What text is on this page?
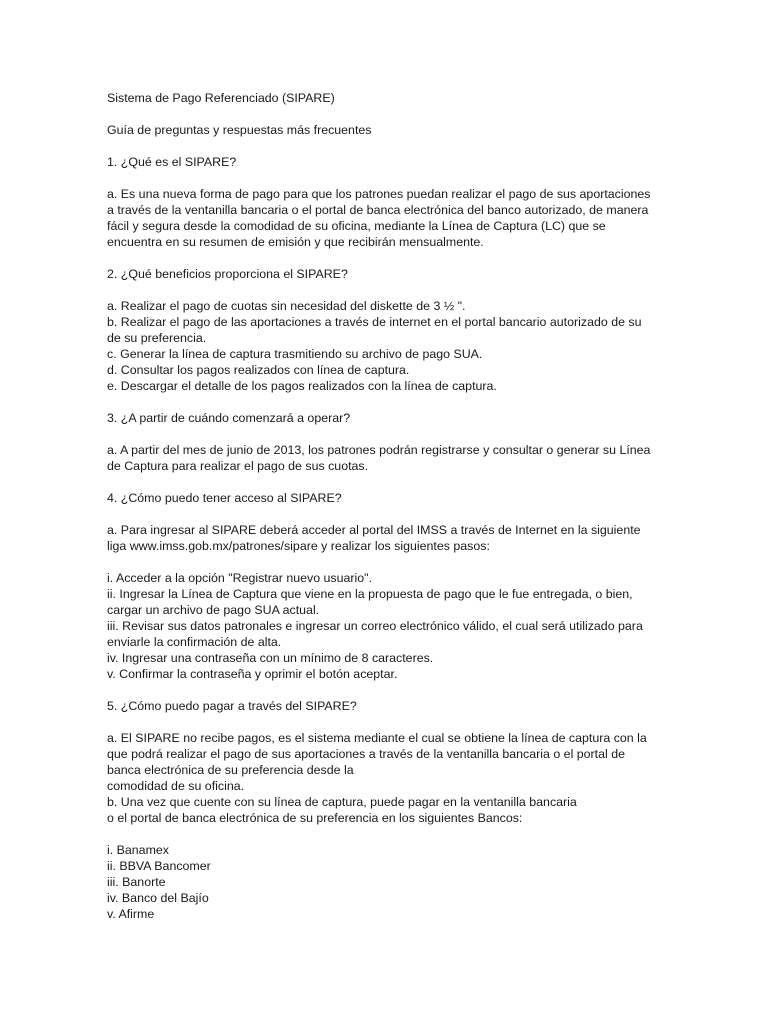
Sistema de Pago Referenciado (SIPARE)
Guía de preguntas y respuestas más frecuentes
1. ¿Qué es el SIPARE?
a. Es una nueva forma de pago para que los patrones puedan realizar el pago de sus aportaciones
a través de la ventanilla bancaria o el portal de banca electrónica del banco autorizado, de manera
fácil y segura desde la comodidad de su oficina, mediante la Línea de Captura (LC) que se
encuentra en su resumen de emisión y que recibirán mensualmente.
2. ¿Qué beneficios proporciona el SIPARE?
a. Realizar el pago de cuotas sin necesidad del diskette de 3 ½ ".
b. Realizar el pago de las aportaciones a través de internet en el portal bancario autorizado de su
de su preferencia.
c. Generar la línea de captura trasmitiendo su archivo de pago SUA.
d. Consultar los pagos realizados con línea de captura.
e. Descargar el detalle de los pagos realizados con la línea de captura.
3. ¿A partir de cuándo comenzará a operar?
a. A partir del mes de junio de 2013, los patrones podrán registrarse y consultar o generar su Línea
de Captura para realizar el pago de sus cuotas.
4. ¿Cómo puedo tener acceso al SIPARE?
a. Para ingresar al SIPARE deberá acceder al portal del IMSS a través de Internet en la siguiente
liga www.imss.gob.mx/patrones/sipare y realizar los siguientes pasos:
i. Acceder a la opción "Registrar nuevo usuario".
ii. Ingresar la Línea de Captura que viene en la propuesta de pago que le fue entregada, o bien,
cargar un archivo de pago SUA actual.
iii. Revisar sus datos patronales e ingresar un correo electrónico válido, el cual será utilizado para
enviarle la confirmación de alta.
iv. Ingresar una contraseña con un mínimo de 8 caracteres.
v. Confirmar la contraseña y oprimir el botón aceptar.
5. ¿Cómo puedo pagar a través del SIPARE?
a. El SIPARE no recibe pagos, es el sistema mediante el cual se obtiene la línea de captura con la
que podrá realizar el pago de sus aportaciones a través de la ventanilla bancaria o el portal de
banca electrónica de su preferencia desde la
comodidad de su oficina.
b. Una vez que cuente con su línea de captura, puede pagar en la ventanilla bancaria
o el portal de banca electrónica de su preferencia en los siguientes Bancos:
i. Banamex
ii. BBVA Bancomer
iii. Banorte
iv. Banco del Bajío
v. Afirme
